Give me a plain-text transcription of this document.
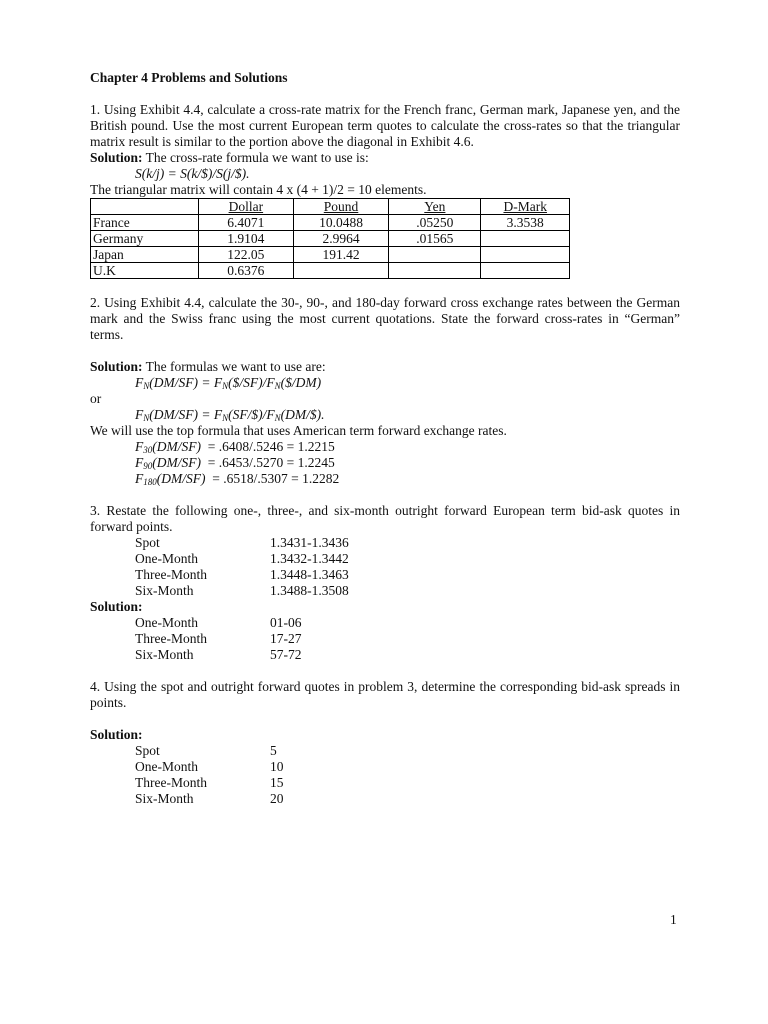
Chapter 4 Problems and Solutions

1. Using Exhibit 4.4, calculate a cross-rate matrix for the French franc, German mark, Japanese yen, and the British pound. Use the most current European term quotes to calculate the cross-rates so that the triangular matrix result is similar to the portion above the diagonal in Exhibit 4.6.

Solution: The cross-rate formula we want to use is:
S(k/j) = S(k/$)/S(j/$).
The triangular matrix will contain 4 x (4 + 1)/2 = 10 elements.
	Dollar	Pound	Yen	D-Mark
France	6.4071	10.0488	.05250	3.3538
Germany	1.9104	2.9964	.01565	
Japan	122.05	191.42		
U.K	0.6376			

2. Using Exhibit 4.4, calculate the 30-, 90-, and 180-day forward cross exchange rates between the German mark and the Swiss franc using the most current quotations. State the forward cross-rates in “German” terms.

Solution: The formulas we want to use are:
$F_N(DM/SF)$ = $F_N(\$/SF)/F_N(\$/DM)$
or
$F_N(DM/SF)$ = $F_N(SF/\$)/F_N(DM/\$)$.
We will use the top formula that uses American term forward exchange rates.
$F_{30}(DM/SF) = .6408/.5246 = 1.2215$
$F_{90}(DM/SF) = .6453/.5270 = 1.2245$
$F_{180}(DM/SF) = .6518/.5307 = 1.2282$

3. Restate the following one-, three-, and six-month outright forward European term bid-ask quotes in forward points.

Spot	1.3431-1.3436
One-Month	1.3432-1.3442
Three-Month	1.3448-1.3463
Six-Month	1.3488-1.3508
Solution:
One-Month	01-06
Three-Month	17-27
Six-Month	57-72

4. Using the spot and outright forward quotes in problem 3, determine the corresponding bid-ask spreads in points.

Solution:
Spot	5
One-Month	10
Three-Month	15
Six-Month	20
1
